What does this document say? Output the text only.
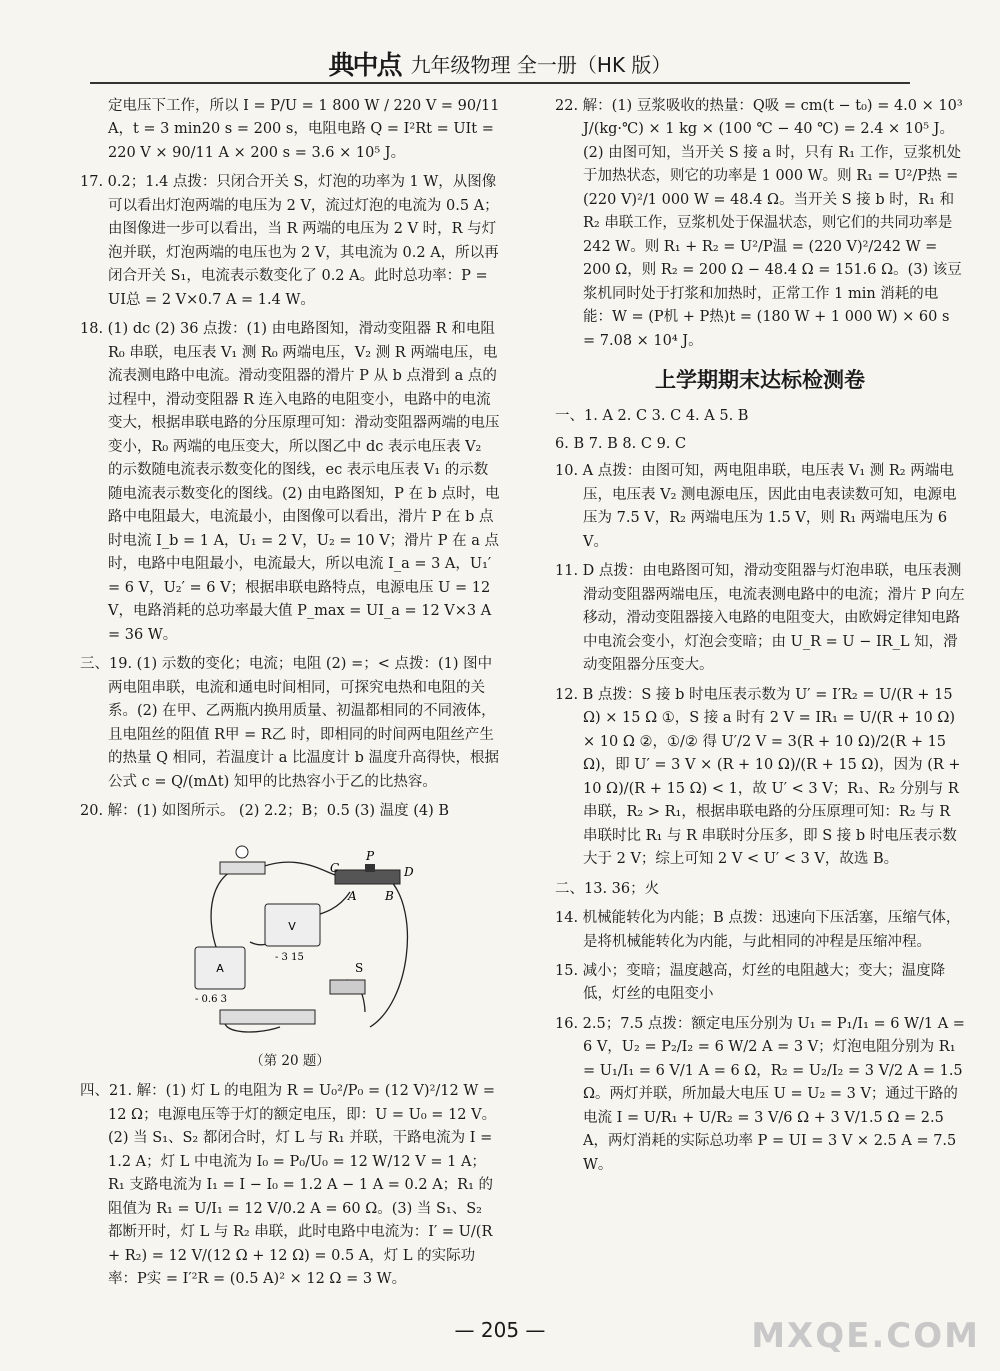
典中点 九年级物理 全一册（HK 版）

定电压下工作，所以 I = P/U = 1 800 W / 220 V = 90/11 A，t = 3 min20 s = 200 s，电阻电路 Q = I²Rt = UIt = 220 V × 90/11 A × 200 s = 3.6 × 10⁵ J。

17. 0.2；1.4 点拨：只闭合开关 S，灯泡的功率为 1 W，从图像可以看出灯泡两端的电压为 2 V，流过灯泡的电流为 0.5 A；由图像进一步可以看出，当 R 两端的电压为 2 V 时，R 与灯泡并联，灯泡两端的电压也为 2 V，其电流为 0.2 A，所以再闭合开关 S₁，电流表示数变化了 0.2 A。此时总功率：P = UI总 = 2 V×0.7 A = 1.4 W。

18. (1) dc (2) 36 点拨：(1) 由电路图知，滑动变阻器 R 和电阻 R₀ 串联，电压表 V₁ 测 R₀ 两端电压，V₂ 测 R 两端电压，电流表测电路中电流。滑动变阻器的滑片 P 从 b 点滑到 a 点的过程中，滑动变阻器 R 连入电路的电阻变小，电路中的电流变大，根据串联电路的分压原理可知：滑动变阻器两端的电压变小，R₀ 两端的电压变大，所以图乙中 dc 表示电压表 V₂ 的示数随电流表示数变化的图线，ec 表示电压表 V₁ 的示数随电流表示数变化的图线。(2) 由电路图知，P 在 b 点时，电路中电阻最大，电流最小，由图像可以看出，滑片 P 在 b 点时电流 I_b = 1 A，U₁ = 2 V，U₂ = 10 V；滑片 P 在 a 点时，电路中电阻最小，电流最大，所以电流 I_a = 3 A，U₁′ = 6 V，U₂′ = 6 V；根据串联电路特点，电源电压 U = 12 V，电路消耗的总功率最大值 P_max = UI_a = 12 V×3 A = 36 W。

三、19. (1) 示数的变化；电流；电阻 (2) =；< 点拨：(1) 图中两电阻串联，电流和通电时间相同，可探究电热和电阻的关系。(2) 在甲、乙两瓶内换用质量、初温都相同的不同液体，且电阻丝的阻值 R甲 = R乙 时，即相同的时间两电阻丝产生的热量 Q 相同，若温度计 a 比温度计 b 温度升高得快，根据公式 c = Q/(mΔt) 知甲的比热容小于乙的比热容。

20. 解：(1) 如图所示。 (2) 2.2；B；0.5 (3) 温度 (4) B

V
A
C
P
D
A B
S
- 3 15
- 0.6 3

（第 20 题）

四、21. 解：(1) 灯 L 的电阻为 R = U₀²/P₀ = (12 V)²/12 W = 12 Ω；电源电压等于灯的额定电压，即：U = U₀ = 12 V。(2) 当 S₁、S₂ 都闭合时，灯 L 与 R₁ 并联，干路电流为 I = 1.2 A；灯 L 中电流为 I₀ = P₀/U₀ = 12 W/12 V = 1 A；R₁ 支路电流为 I₁ = I − I₀ = 1.2 A − 1 A = 0.2 A；R₁ 的阻值为 R₁ = U/I₁ = 12 V/0.2 A = 60 Ω。(3) 当 S₁、S₂ 都断开时，灯 L 与 R₂ 串联，此时电路中电流为：I′ = U/(R + R₂) = 12 V/(12 Ω + 12 Ω) = 0.5 A，灯 L 的实际功率：P实 = I′²R = (0.5 A)² × 12 Ω = 3 W。

22. 解：(1) 豆浆吸收的热量：Q吸 = cm(t − t₀) = 4.0 × 10³ J/(kg·℃) × 1 kg × (100 ℃ − 40 ℃) = 2.4 × 10⁵ J。(2) 由图可知，当开关 S 接 a 时，只有 R₁ 工作，豆浆机处于加热状态，则它的功率是 1 000 W。则 R₁ = U²/P热 = (220 V)²/1 000 W = 48.4 Ω。当开关 S 接 b 时，R₁ 和 R₂ 串联工作，豆浆机处于保温状态，则它们的共同功率是 242 W。则 R₁ + R₂ = U²/P温 = (220 V)²/242 W = 200 Ω，则 R₂ = 200 Ω − 48.4 Ω = 151.6 Ω。(3) 该豆浆机同时处于打浆和加热时，正常工作 1 min 消耗的电能：W = (P机 + P热)t = (180 W + 1 000 W) × 60 s = 7.08 × 10⁴ J。

上学期期末达标检测卷

一、1. A 2. C 3. C 4. A 5. B

6. B 7. B 8. C 9. C

10. A 点拨：由图可知，两电阻串联，电压表 V₁ 测 R₂ 两端电压，电压表 V₂ 测电源电压，因此由电表读数可知，电源电压为 7.5 V，R₂ 两端电压为 1.5 V，则 R₁ 两端电压为 6 V。

11. D 点拨：由电路图可知，滑动变阻器与灯泡串联，电压表测滑动变阻器两端电压，电流表测电路中的电流；滑片 P 向左移动，滑动变阻器接入电路的电阻变大，由欧姆定律知电路中电流会变小，灯泡会变暗；由 U_R = U − IR_L 知，滑动变阻器分压变大。

12. B 点拨：S 接 b 时电压表示数为 U′ = I′R₂ = U/(R + 15 Ω) × 15 Ω ①，S 接 a 时有 2 V = IR₁ = U/(R + 10 Ω) × 10 Ω ②，①/② 得 U′/2 V = 3(R + 10 Ω)/2(R + 15 Ω)，即 U′ = 3 V × (R + 10 Ω)/(R + 15 Ω)，因为 (R + 10 Ω)/(R + 15 Ω) < 1，故 U′ < 3 V；R₁、R₂ 分别与 R 串联，R₂ > R₁，根据串联电路的分压原理可知：R₂ 与 R 串联时比 R₁ 与 R 串联时分压多，即 S 接 b 时电压表示数大于 2 V；综上可知 2 V < U′ < 3 V，故选 B。

二、13. 36；火

14. 机械能转化为内能；B 点拨：迅速向下压活塞，压缩气体，是将机械能转化为内能，与此相同的冲程是压缩冲程。

15. 减小；变暗；温度越高，灯丝的电阻越大；变大；温度降低，灯丝的电阻变小

16. 2.5；7.5 点拨：额定电压分别为 U₁ = P₁/I₁ = 6 W/1 A = 6 V，U₂ = P₂/I₂ = 6 W/2 A = 3 V；灯泡电阻分别为 R₁ = U₁/I₁ = 6 V/1 A = 6 Ω，R₂ = U₂/I₂ = 3 V/2 A = 1.5 Ω。两灯并联，所加最大电压 U = U₂ = 3 V；通过干路的电流 I = U/R₁ + U/R₂ = 3 V/6 Ω + 3 V/1.5 Ω = 2.5 A，两灯消耗的实际总功率 P = UI = 3 V × 2.5 A = 7.5 W。

— 205 —	MXQE.COM
